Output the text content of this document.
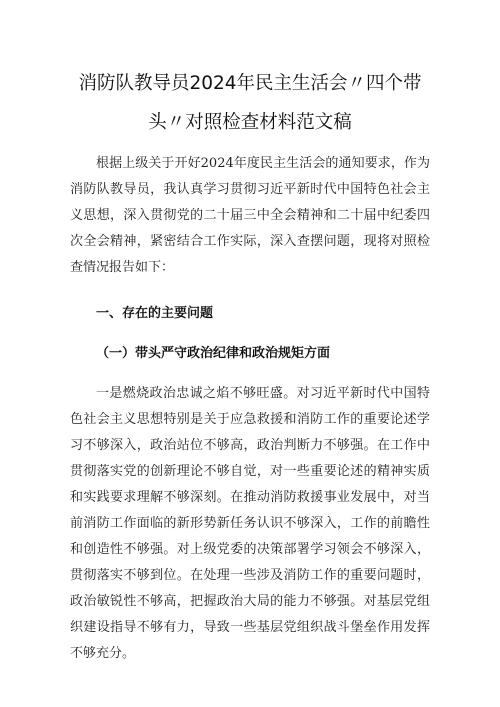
消防队教导员2024年民主生活会〃四个带
头〃对照检查材料范文稿

根据上级关于开好2024年度民主生活会的通知要求，作为消防队教导员，我认真学习贯彻习近平新时代中国特色社会主义思想，深入贯彻党的二十届三中全会精神和二十届中纪委四次全会精神，紧密结合工作实际，深入查摆问题，现将对照检查情况报告如下：

一、存在的主要问题

（一）带头严守政治纪律和政治规矩方面

一是燃烧政治忠诚之焰不够旺盛。对习近平新时代中国特色社会主义思想特别是关于应急救援和消防工作的重要论述学习不够深入，政治站位不够高，政治判断力不够强。在工作中贯彻落实党的创新理论不够自觉，对一些重要论述的精神实质和实践要求理解不够深刻。在推动消防救援事业发展中，对当前消防工作面临的新形势新任务认识不够深入，工作的前瞻性和创造性不够强。对上级党委的决策部署学习领会不够深入，贯彻落实不够到位。在处理一些涉及消防工作的重要问题时，政治敏锐性不够高，把握政治大局的能力不够强。对基层党组织建设指导不够有力，导致一些基层党组织战斗堡垒作用发挥不够充分。
